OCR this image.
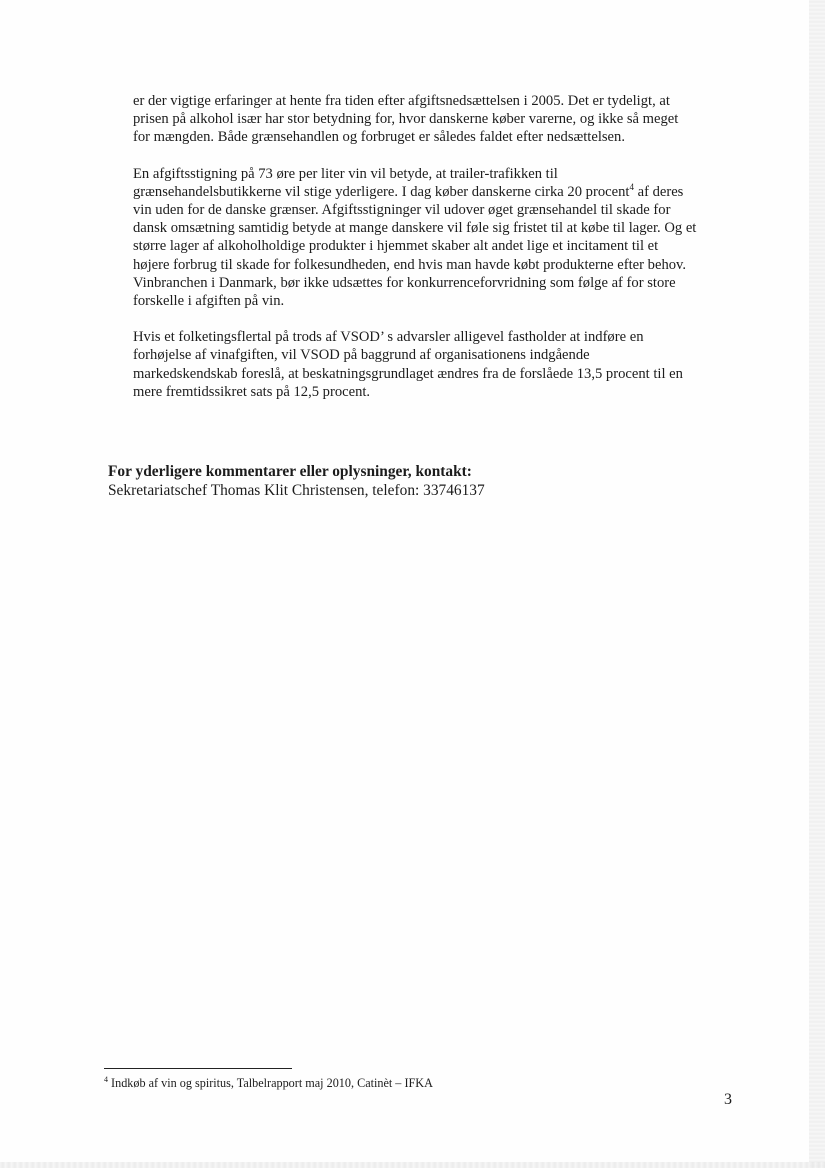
er der vigtige erfaringer at hente fra tiden efter afgiftsnedsættelsen i 2005. Det er tydeligt, at
prisen på alkohol især har stor betydning for, hvor danskerne køber varerne, og ikke så meget
for mængden. Både grænsehandlen og forbruget er således faldet efter nedsættelsen.

En afgiftsstigning på 73 øre per liter vin vil betyde, at trailer-trafikken til
grænsehandelsbutikkerne vil stige yderligere. I dag køber danskerne cirka 20 procent$^4$ af deres
vin uden for de danske grænser. Afgiftsstigninger vil udover øget grænsehandel til skade for
dansk omsætning samtidig betyde at mange danskere vil føle sig fristet til at købe til lager. Og et
større lager af alkoholholdige produkter i hjemmet skaber alt andet lige et incitament til et
højere forbrug til skade for folkesundheden, end hvis man havde købt produkterne efter behov.
Vinbranchen i Danmark, bør ikke udsættes for konkurrenceforvridning som følge af for store
forskelle i afgiften på vin.

Hvis et folketingsflertal på trods af VSOD’ s advarsler alligevel fastholder at indføre en
forhøjelse af vinafgiften, vil VSOD på baggrund af organisationens indgående
markedskendskab foreslå, at beskatningsgrundlaget ændres fra de forslåede 13,5 procent til en
mere fremtidssikret sats på 12,5 procent.

For yderligere kommentarer eller oplysninger, kontakt:
Sekretariatschef Thomas Klit Christensen, telefon: 33746137
$^4$ Indkøb af vin og spiritus, Talbelrapport maj 2010, Catinèt – IFKA
3
